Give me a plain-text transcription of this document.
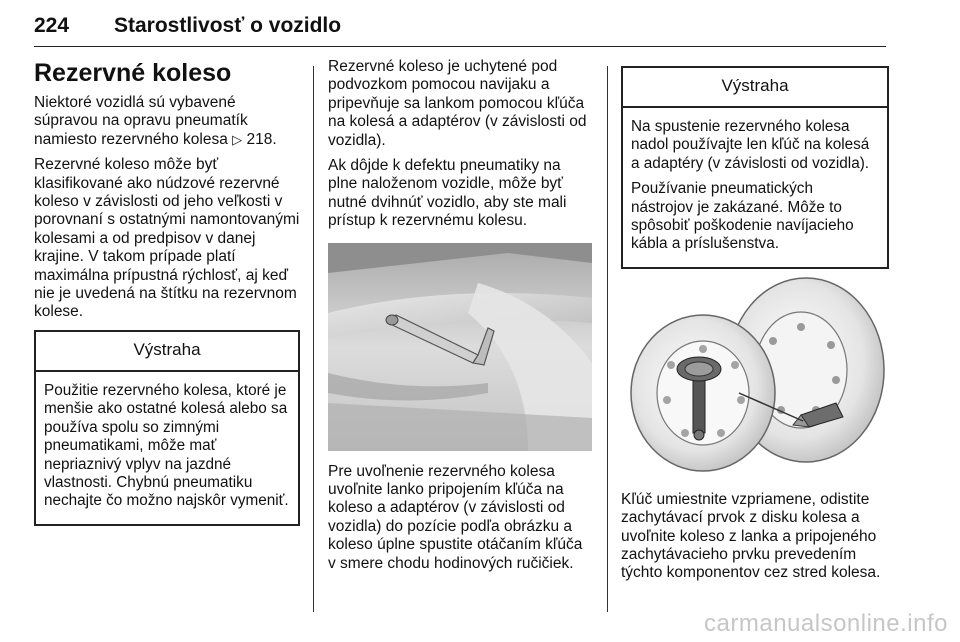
224 Starostlivosť o vozidlo
Rezervné koleso

Niektoré vozidlá sú vybavené súpravou na opravu pneumatík namiesto rezervného kolesa ▷ 218.

Rezervné koleso môže byť klasifikované ako núdzové rezervné koleso v závislosti od jeho veľkosti v porovnaní s ostatnými namontovanými kolesami a od predpisov v danej krajine. V takom prípade platí maximálna prípustná rýchlosť, aj keď nie je uvedená na štítku na rezervnom kolese.

Výstraha

Použitie rezervného kolesa, ktoré je menšie ako ostatné kolesá alebo sa používa spolu so zimnými pneumatikami, môže mať nepriaznivý vplyv na jazdné vlastnosti. Chybnú pneumatiku nechajte čo možno najskôr vymeniť.

Rezervné koleso je uchytené pod podvozkom pomocou navijaku a pripevňuje sa lankom pomocou kľúča na kolesá a adaptérov (v závislosti od vozidla).

Ak dôjde k defektu pneumatiky na plne naloženom vozidle, môže byť nutné dvihnúť vozidlo, aby ste mali prístup k rezervnému kolesu.

Pre uvoľnenie rezervného kolesa uvoľnite lanko pripojením kľúča na koleso a adaptérov (v závislosti od vozidla) do pozície podľa obrázku a koleso úplne spustite otáčaním kľúča v smere chodu hodinových ručičiek.

Výstraha

Na spustenie rezervného kolesa nadol používajte len kľúč na kolesá a adaptéry (v závislosti od vozidla).

Používanie pneumatických nástrojov je zakázané. Môže to spôsobiť poškodenie navíjacieho kábla a príslušenstva.

Kľúč umiestnite vzpriamene, odistite zachytávací prvok z disku kolesa a uvoľnite koleso z lanka a pripojeného zachytávacieho prvku prevedením týchto komponentov cez stred kolesa.

carmanualsonline.info
